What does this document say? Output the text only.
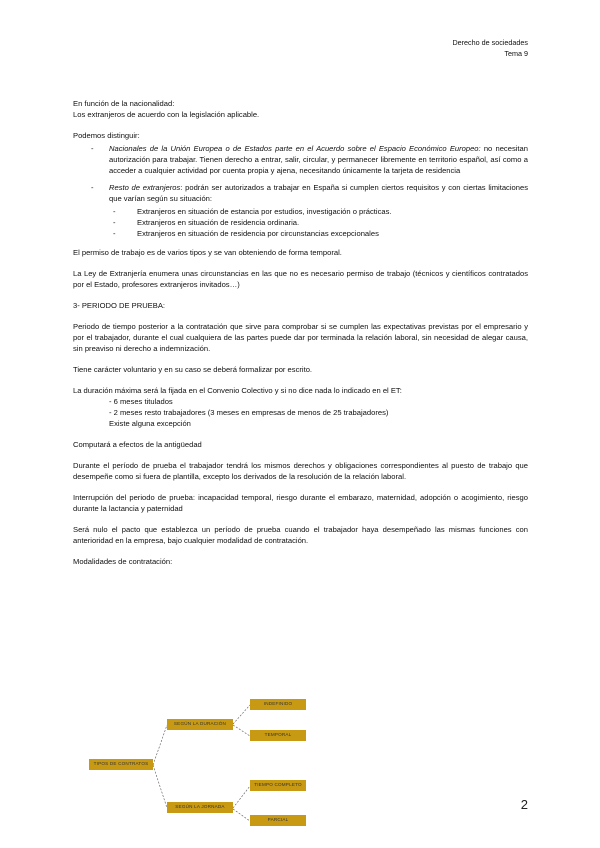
Derecho de sociedades
Tema 9

En función de la nacionalidad:
Los extranjeros de acuerdo con la legislación aplicable.

Podemos distinguir:
- Nacionales de la Unión Europea o de Estados parte en el Acuerdo sobre el Espacio Económico Europeo: no necesitan autorización para trabajar. Tienen derecho a entrar, salir, circular, y permanecer libremente en territorio español, así como a acceder a cualquier actividad por cuenta propia y ajena, necesitando únicamente la tarjeta de residencia
- Resto de extranjeros: podrán ser autorizados a trabajar en España si cumplen ciertos requisitos y con ciertas limitaciones que varían según su situación:
- Extranjeros en situación de estancia por estudios, investigación o prácticas.
- Extranjeros en situación de residencia ordinaria.
- Extranjeros en situación de residencia por circunstancias excepcionales

El permiso de trabajo es de varios tipos y se van obteniendo de forma temporal.

La Ley de Extranjería enumera unas circunstancias en las que no es necesario permiso de trabajo (técnicos y científicos contratados por el Estado, profesores extranjeros invitados…)

3- PERIODO DE PRUEBA:

Periodo de tiempo posterior a la contratación que sirve para comprobar si se cumplen las expectativas previstas por el empresario y por el trabajador, durante el cual cualquiera de las partes puede dar por terminada la relación laboral, sin necesidad de alegar causa, sin preaviso ni derecho a indemnización.

Tiene carácter voluntario y en su caso se deberá formalizar por escrito.

La duración máxima será la fijada en el Convenio Colectivo y si no dice nada lo indicado en el ET:
- 6 meses titulados
- 2 meses resto trabajadores (3 meses en empresas de menos de 25 trabajadores)
Existe alguna excepción

Computará a efectos de la antigüedad

Durante el período de prueba el trabajador tendrá los mismos derechos y obligaciones correspondientes al puesto de trabajo que desempeñe como si fuera de plantilla, excepto los derivados de la resolución de la relación laboral.

Interrupción del periodo de prueba: incapacidad temporal, riesgo durante el embarazo, maternidad, adopción o acogimiento, riesgo durante la lactancia y paternidad

Será nulo el pacto que establezca un período de prueba cuando el trabajador haya desempeñado las mismas funciones con anterioridad en la empresa, bajo cualquier modalidad de contratación.

Modalidades de contratación:

TIPOS DE CONTRATOS
SEGÚN LA DURACIÓN
INDEFINIDO
TEMPORAL
SEGÚN LA JORNADA
TIEMPO COMPLETO
PARCIAL
2
